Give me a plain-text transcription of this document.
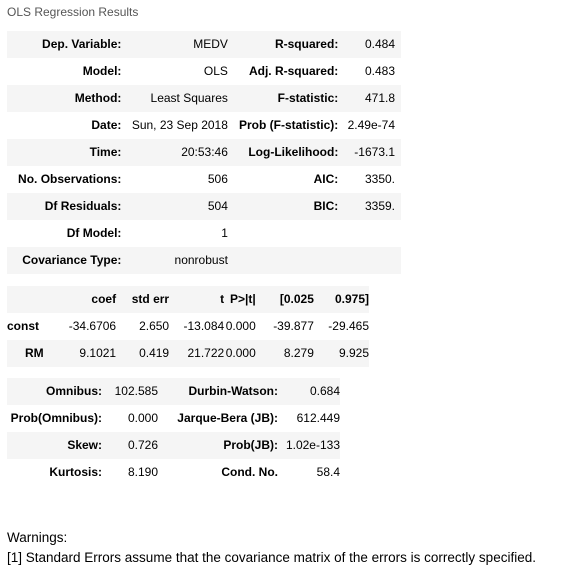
OLS Regression Results
Dep. Variable:	MEDV	R-squared:	0.484
Model:	OLS	Adj. R-squared:	0.483
Method:	Least Squares	F-statistic:	471.8
Date:	Sun, 23 Sep 2018	Prob (F-statistic):	2.49e-74
Time:	20:53:46	Log-Likelihood:	-1673.1
No. Observations:	506	AIC:	3350.
Df Residuals:	504	BIC:	3359.
Df Model:	1		
Covariance Type:	nonrobust		
	coef	std err	t	P>|t|	[0.025	0.975]
const	-34.6706	2.650	-13.084	0.000	-39.877	-29.465
RM	9.1021	0.419	21.722	0.000	8.279	9.925
Omnibus:	102.585	Durbin-Watson:	0.684
Prob(Omnibus):	0.000	Jarque-Bera (JB):	612.449
Skew:	0.726	Prob(JB):	1.02e-133
Kurtosis:	8.190	Cond. No.	58.4
Warnings:
[1] Standard Errors assume that the covariance matrix of the errors is correctly specified.
